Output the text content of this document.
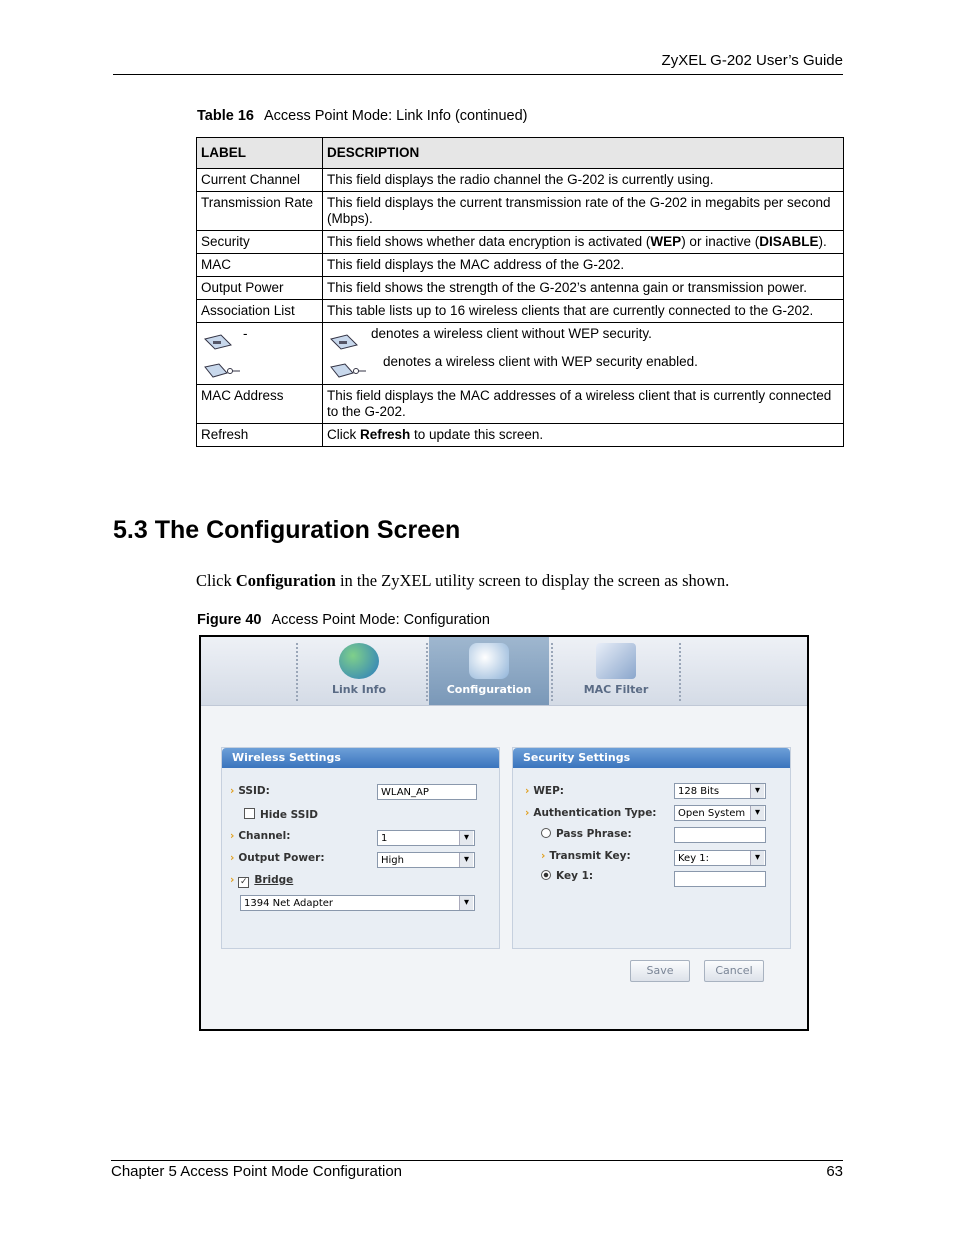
ZyXEL G-202 User’s Guide
Table 16 Access Point Mode: Link Info (continued)
LABEL	DESCRIPTION
Current Channel	This field displays the radio channel the G-202 is currently using.
Transmission Rate	This field displays the current transmission rate of the G-202 in megabits per second (Mbps).
Security	This field shows whether data encryption is activated (WEP) or inactive (DISABLE).
MAC	This field displays the MAC address of the G-202.
Output Power	This field shows the strength of the G-202’s antenna gain or transmission power.
Association List	This table lists up to 16 wireless clients that are currently connected to the G-202.

-	denotes a wireless client without WEP security.
denotes a wireless client with WEP security enabled.

MAC Address	This field displays the MAC addresses of a wireless client that is currently connected to the G-202.
Refresh	Click Refresh to update this screen.
5.3 The Configuration Screen
Click Configuration in the ZyXEL utility screen to display the screen as shown.
Figure 40 Access Point Mode: Configuration
Link Info	Configuration	MAC Filter
Wireless Settings
› SSID:	WLAN_AP
Hide SSID
› Channel:	1 ▾
› Output Power:	High ▾
› ✓ Bridge
1394 Net Adapter ▾
Security Settings
› WEP:	128 Bits ▾
› Authentication Type:	Open System ▾
Pass Phrase:
› Transmit Key:	Key 1: ▾
Key 1:
Save	Cancel
Chapter 5 Access Point Mode Configuration	63
